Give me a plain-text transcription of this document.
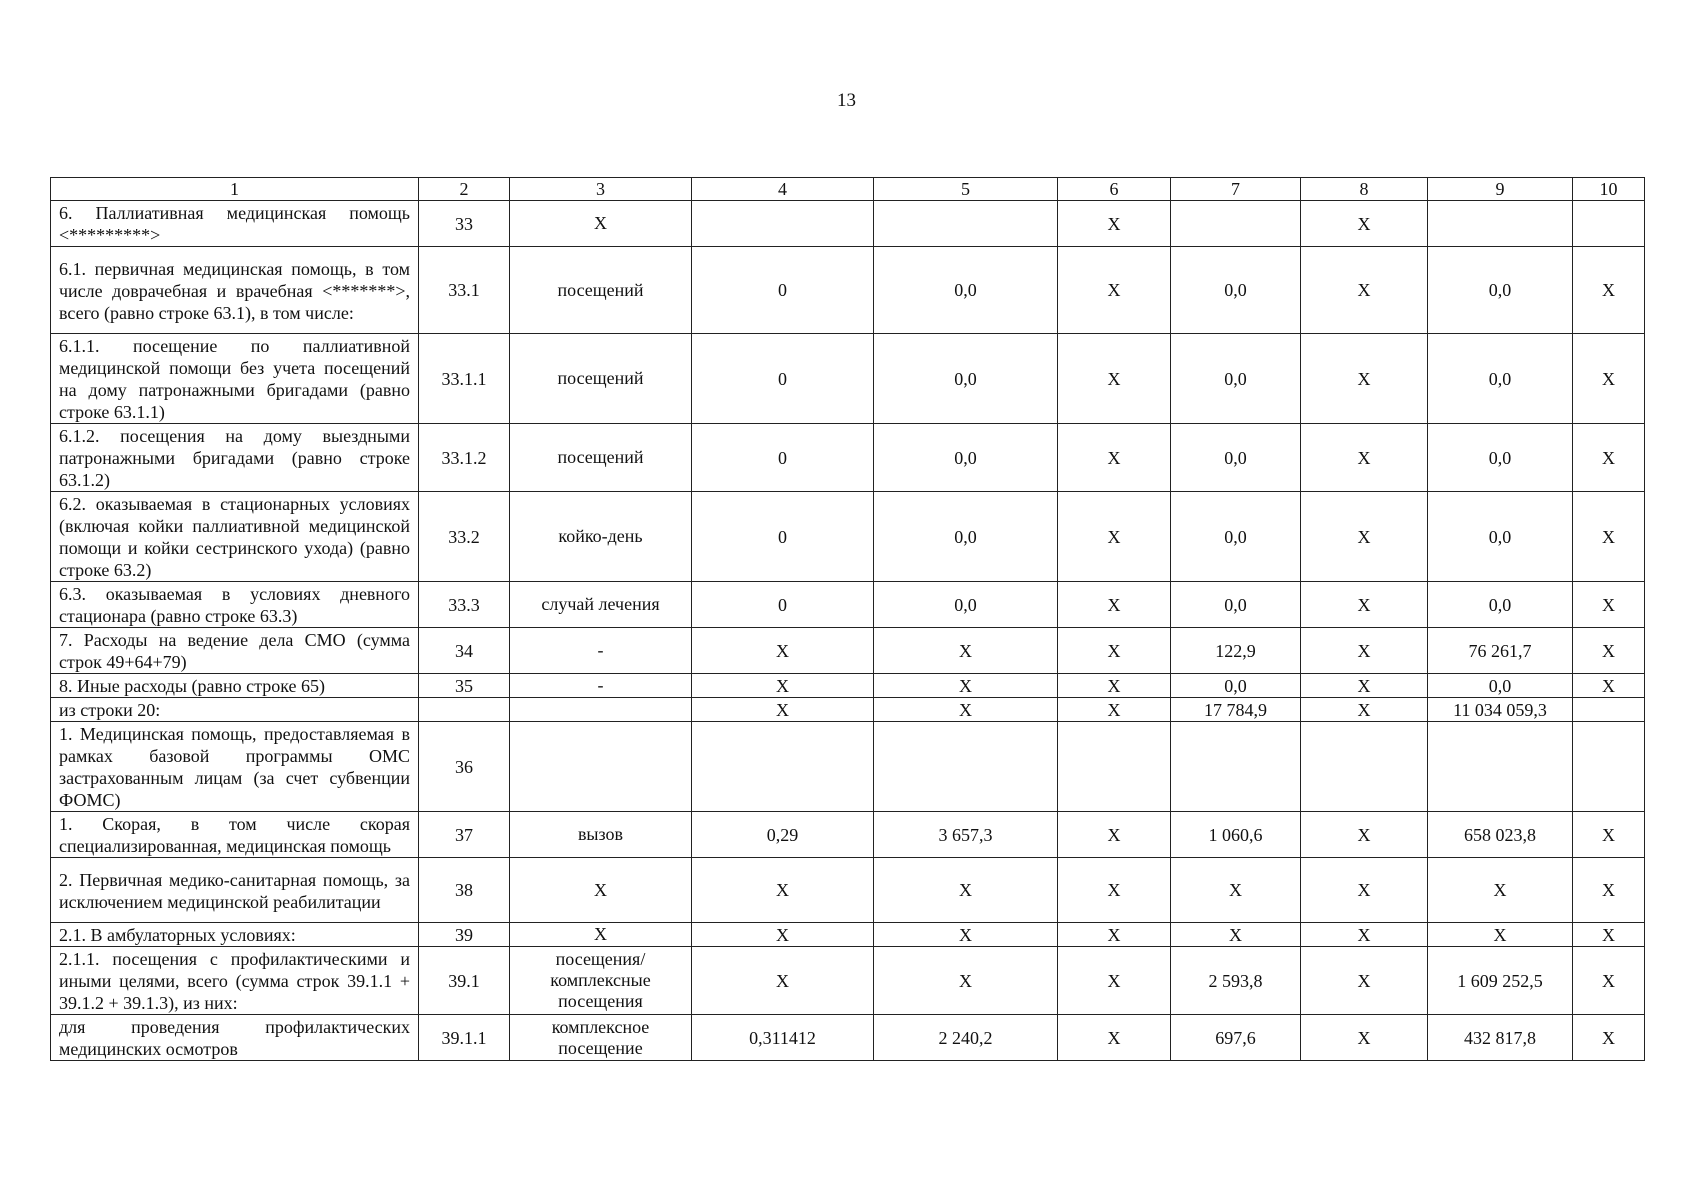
13
1	2	3	4	5	6	7	8	9	10
6. Паллиативная медицинская помощь <*********>	33	Х			Х		Х		
6.1. первичная медицинская помощь, в том числе доврачебная и врачебная <*******>, всего (равно строке 63.1), в том числе:	33.1	посещений	0	0,0	Х	0,0	Х	0,0	Х
6.1.1. посещение по паллиативной медицинской помощи без учета посещений на дому патронажными бригадами (равно строке 63.1.1)	33.1.1	посещений	0	0,0	Х	0,0	Х	0,0	Х
6.1.2. посещения на дому выездными патронажными бригадами (равно строке 63.1.2)	33.1.2	посещений	0	0,0	Х	0,0	Х	0,0	Х
6.2. оказываемая в стационарных условиях (включая койки паллиативной медицинской помощи и койки сестринского ухода) (равно строке 63.2)	33.2	койко-день	0	0,0	Х	0,0	Х	0,0	Х
6.3. оказываемая в условиях дневного стационара (равно строке 63.3)	33.3	случай лечения	0	0,0	Х	0,0	Х	0,0	Х
7. Расходы на ведение дела СМО (сумма строк 49+64+79)	34	-	Х	Х	Х	122,9	Х	76 261,7	Х
8. Иные расходы (равно строке 65)	35	-	Х	Х	Х	0,0	Х	0,0	Х
из строки 20:			Х	Х	Х	17 784,9	Х	11 034 059,3	
1. Медицинская помощь, предоставляемая в рамках базовой программы ОМС застрахованным лицам (за счет субвенции ФОМС)	36								
1. Скорая, в том числе скорая специализированная, медицинская помощь	37	вызов	0,29	3 657,3	Х	1 060,6	Х	658 023,8	Х
2. Первичная медико-санитарная помощь, за исключением медицинской реабилитации	38	Х	Х	Х	Х	Х	Х	Х	Х
2.1. В амбулаторных условиях:	39	Х	Х	Х	Х	Х	Х	Х	Х
2.1.1. посещения с профилактическими и иными целями, всего (сумма строк 39.1.1 + 39.1.2 + 39.1.3), из них:	39.1	посещения/комплексные посещения	Х	Х	Х	2 593,8	Х	1 609 252,5	Х
для проведения профилактических медицинских осмотров	39.1.1	комплексное посещение	0,311412	2 240,2	Х	697,6	Х	432 817,8	Х
